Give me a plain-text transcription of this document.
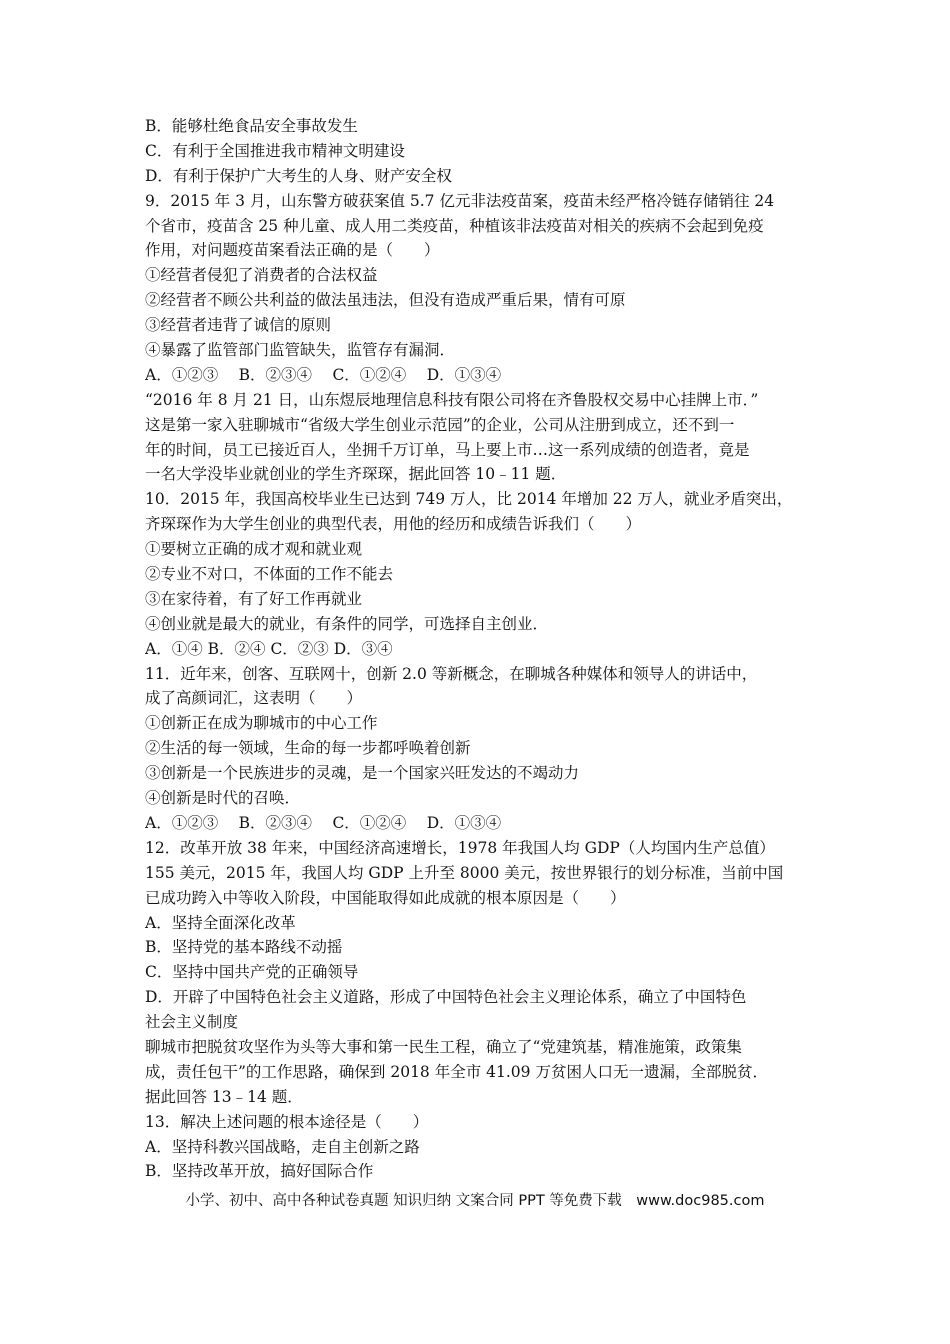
B．能够杜绝食品安全事故发生
C．有利于全国推进我市精神文明建设
D．有利于保护广大考生的人身、财产安全权
9．2015 年 3 月，山东警方破获案值 5.7 亿元非法疫苗案，疫苗未经严格冷链存储销往 24
个省市，疫苗含 25 种儿童、成人用二类疫苗，种植该非法疫苗对相关的疾病不会起到免疫
作用，对问题疫苗案看法正确的是（　　）
①经营者侵犯了消费者的合法权益
②经营者不顾公共利益的做法虽违法，但没有造成严重后果，情有可原
③经营者违背了诚信的原则
④暴露了监管部门监管缺失，监管存有漏洞．
A．①②③　 B．②③④　 C．①②④　 D．①③④
“2016 年 8 月 21 日，山东煜辰地理信息科技有限公司将在齐鲁股权交易中心挂牌上市．”
这是第一家入驻聊城市“省级大学生创业示范园”的企业，公司从注册到成立，还不到一
年的时间，员工已接近百人，坐拥千万订单，马上要上市…这一系列成绩的创造者，竟是
一名大学没毕业就创业的学生齐琛琛，据此回答 10﹣11 题．
10．2015 年，我国高校毕业生已达到 749 万人，比 2014 年增加 22 万人，就业矛盾突出，
齐琛琛作为大学生创业的典型代表，用他的经历和成绩告诉我们（　　）
①要树立正确的成才观和就业观
②专业不对口，不体面的工作不能去
③在家待着，有了好工作再就业
④创业就是最大的就业，有条件的同学，可选择自主创业．
A．①④ B．②④ C．②③ D．③④
11．近年来，创客、互联网十，创新 2.0 等新概念，在聊城各种媒体和领导人的讲话中，
成了高颜词汇，这表明（　　）
①创新正在成为聊城市的中心工作
②生活的每一领域，生命的每一步都呼唤着创新
③创新是一个民族进步的灵魂，是一个国家兴旺发达的不竭动力
④创新是时代的召唤．
A．①②③　 B．②③④　 C．①②④　 D．①③④
12．改革开放 38 年来，中国经济高速增长，1978 年我国人均 GDP（人均国内生产总值）
155 美元，2015 年，我国人均 GDP 上升至 8000 美元，按世界银行的划分标准，当前中国
已成功跨入中等收入阶段，中国能取得如此成就的根本原因是（　　）
A．坚持全面深化改革
B．坚持党的基本路线不动摇
C．坚持中国共产党的正确领导
D．开辟了中国特色社会主义道路，形成了中国特色社会主义理论体系，确立了中国特色
社会主义制度
聊城市把脱贫攻坚作为头等大事和第一民生工程，确立了“党建筑基，精准施策，政策集
成，责任包干”的工作思路，确保到 2018 年全市 41.09 万贫困人口无一遗漏，全部脱贫．
据此回答 13﹣14 题．
13．解决上述问题的根本途径是（　　）
A．坚持科教兴国战略，走自主创新之路
B．坚持改革开放，搞好国际合作
小学、初中、高中各种试卷真题 知识归纳 文案合同 PPT 等免费下载　www.doc985.com
